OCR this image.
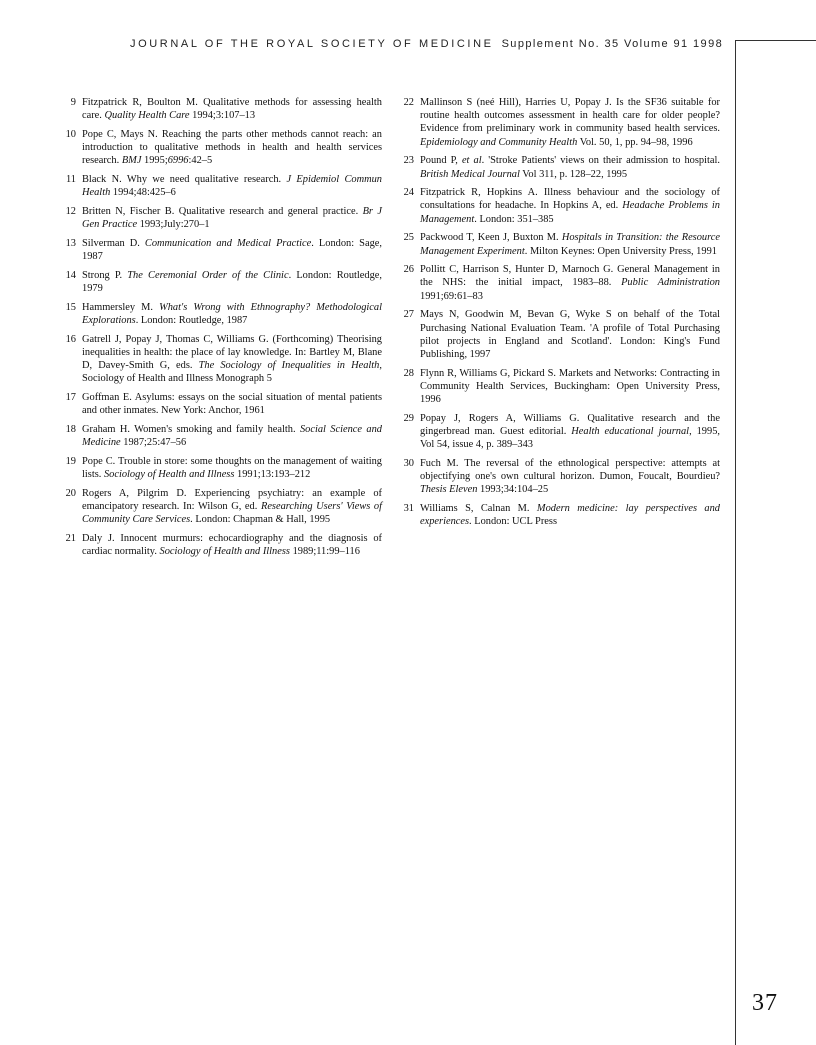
JOURNAL OF THE ROYAL SOCIETY OF MEDICINE Supplement No. 35 Volume 91 1998
9 Fitzpatrick R, Boulton M. Qualitative methods for assessing health care. Quality Health Care 1994;3:107–13
10 Pope C, Mays N. Reaching the parts other methods cannot reach: an introduction to qualitative methods in health and health services research. BMJ 1995;6996:42–5
11 Black N. Why we need qualitative research. J Epidemiol Commun Health 1994;48:425–6
12 Britten N, Fischer B. Qualitative research and general practice. Br J Gen Practice 1993;July:270–1
13 Silverman D. Communication and Medical Practice. London: Sage, 1987
14 Strong P. The Ceremonial Order of the Clinic. London: Routledge, 1979
15 Hammersley M. What's Wrong with Ethnography? Methodological Explorations. London: Routledge, 1987
16 Gatrell J, Popay J, Thomas C, Williams G. (Forthcoming) Theorising inequalities in health: the place of lay knowledge. In: Bartley M, Blane D, Davey-Smith G, eds. The Sociology of Inequalities in Health, Sociology of Health and Illness Monograph 5
17 Goffman E. Asylums: essays on the social situation of mental patients and other inmates. New York: Anchor, 1961
18 Graham H. Women's smoking and family health. Social Science and Medicine 1987;25:47–56
19 Pope C. Trouble in store: some thoughts on the management of waiting lists. Sociology of Health and Illness 1991;13:193–212
20 Rogers A, Pilgrim D. Experiencing psychiatry: an example of emancipatory research. In: Wilson G, ed. Researching Users' Views of Community Care Services. London: Chapman & Hall, 1995
21 Daly J. Innocent murmurs: echocardiography and the diagnosis of cardiac normality. Sociology of Health and Illness 1989;11:99–116
22 Mallinson S (neé Hill), Harries U, Popay J. Is the SF36 suitable for routine health outcomes assessment in health care for older people? Evidence from preliminary work in community based health services. Epidemiology and Community Health Vol. 50, 1, pp. 94–98, 1996
23 Pound P, et al. 'Stroke Patients' views on their admission to hospital. British Medical Journal Vol 311, p. 128–22, 1995
24 Fitzpatrick R, Hopkins A. Illness behaviour and the sociology of consultations for headache. In Hopkins A, ed. Headache Problems in Management. London: 351–385
25 Packwood T, Keen J, Buxton M. Hospitals in Transition: the Resource Management Experiment. Milton Keynes: Open University Press, 1991
26 Pollitt C, Harrison S, Hunter D, Marnoch G. General Management in the NHS: the initial impact, 1983–88. Public Administration 1991;69:61–83
27 Mays N, Goodwin M, Bevan G, Wyke S on behalf of the Total Purchasing National Evaluation Team. 'A profile of Total Purchasing pilot projects in England and Scotland'. London: King's Fund Publishing, 1997
28 Flynn R, Williams G, Pickard S. Markets and Networks: Contracting in Community Health Services, Buckingham: Open University Press, 1996
29 Popay J, Rogers A, Williams G. Qualitative research and the gingerbread man. Guest editorial. Health educational journal, 1995, Vol 54, issue 4, p. 389–343
30 Fuch M. The reversal of the ethnological perspective: attempts at objectifying one's own cultural horizon. Dumon, Foucalt, Bourdieu? Thesis Eleven 1993;34:104–25
31 Williams S, Calnan M. Modern medicine: lay perspectives and experiences. London: UCL Press
37
